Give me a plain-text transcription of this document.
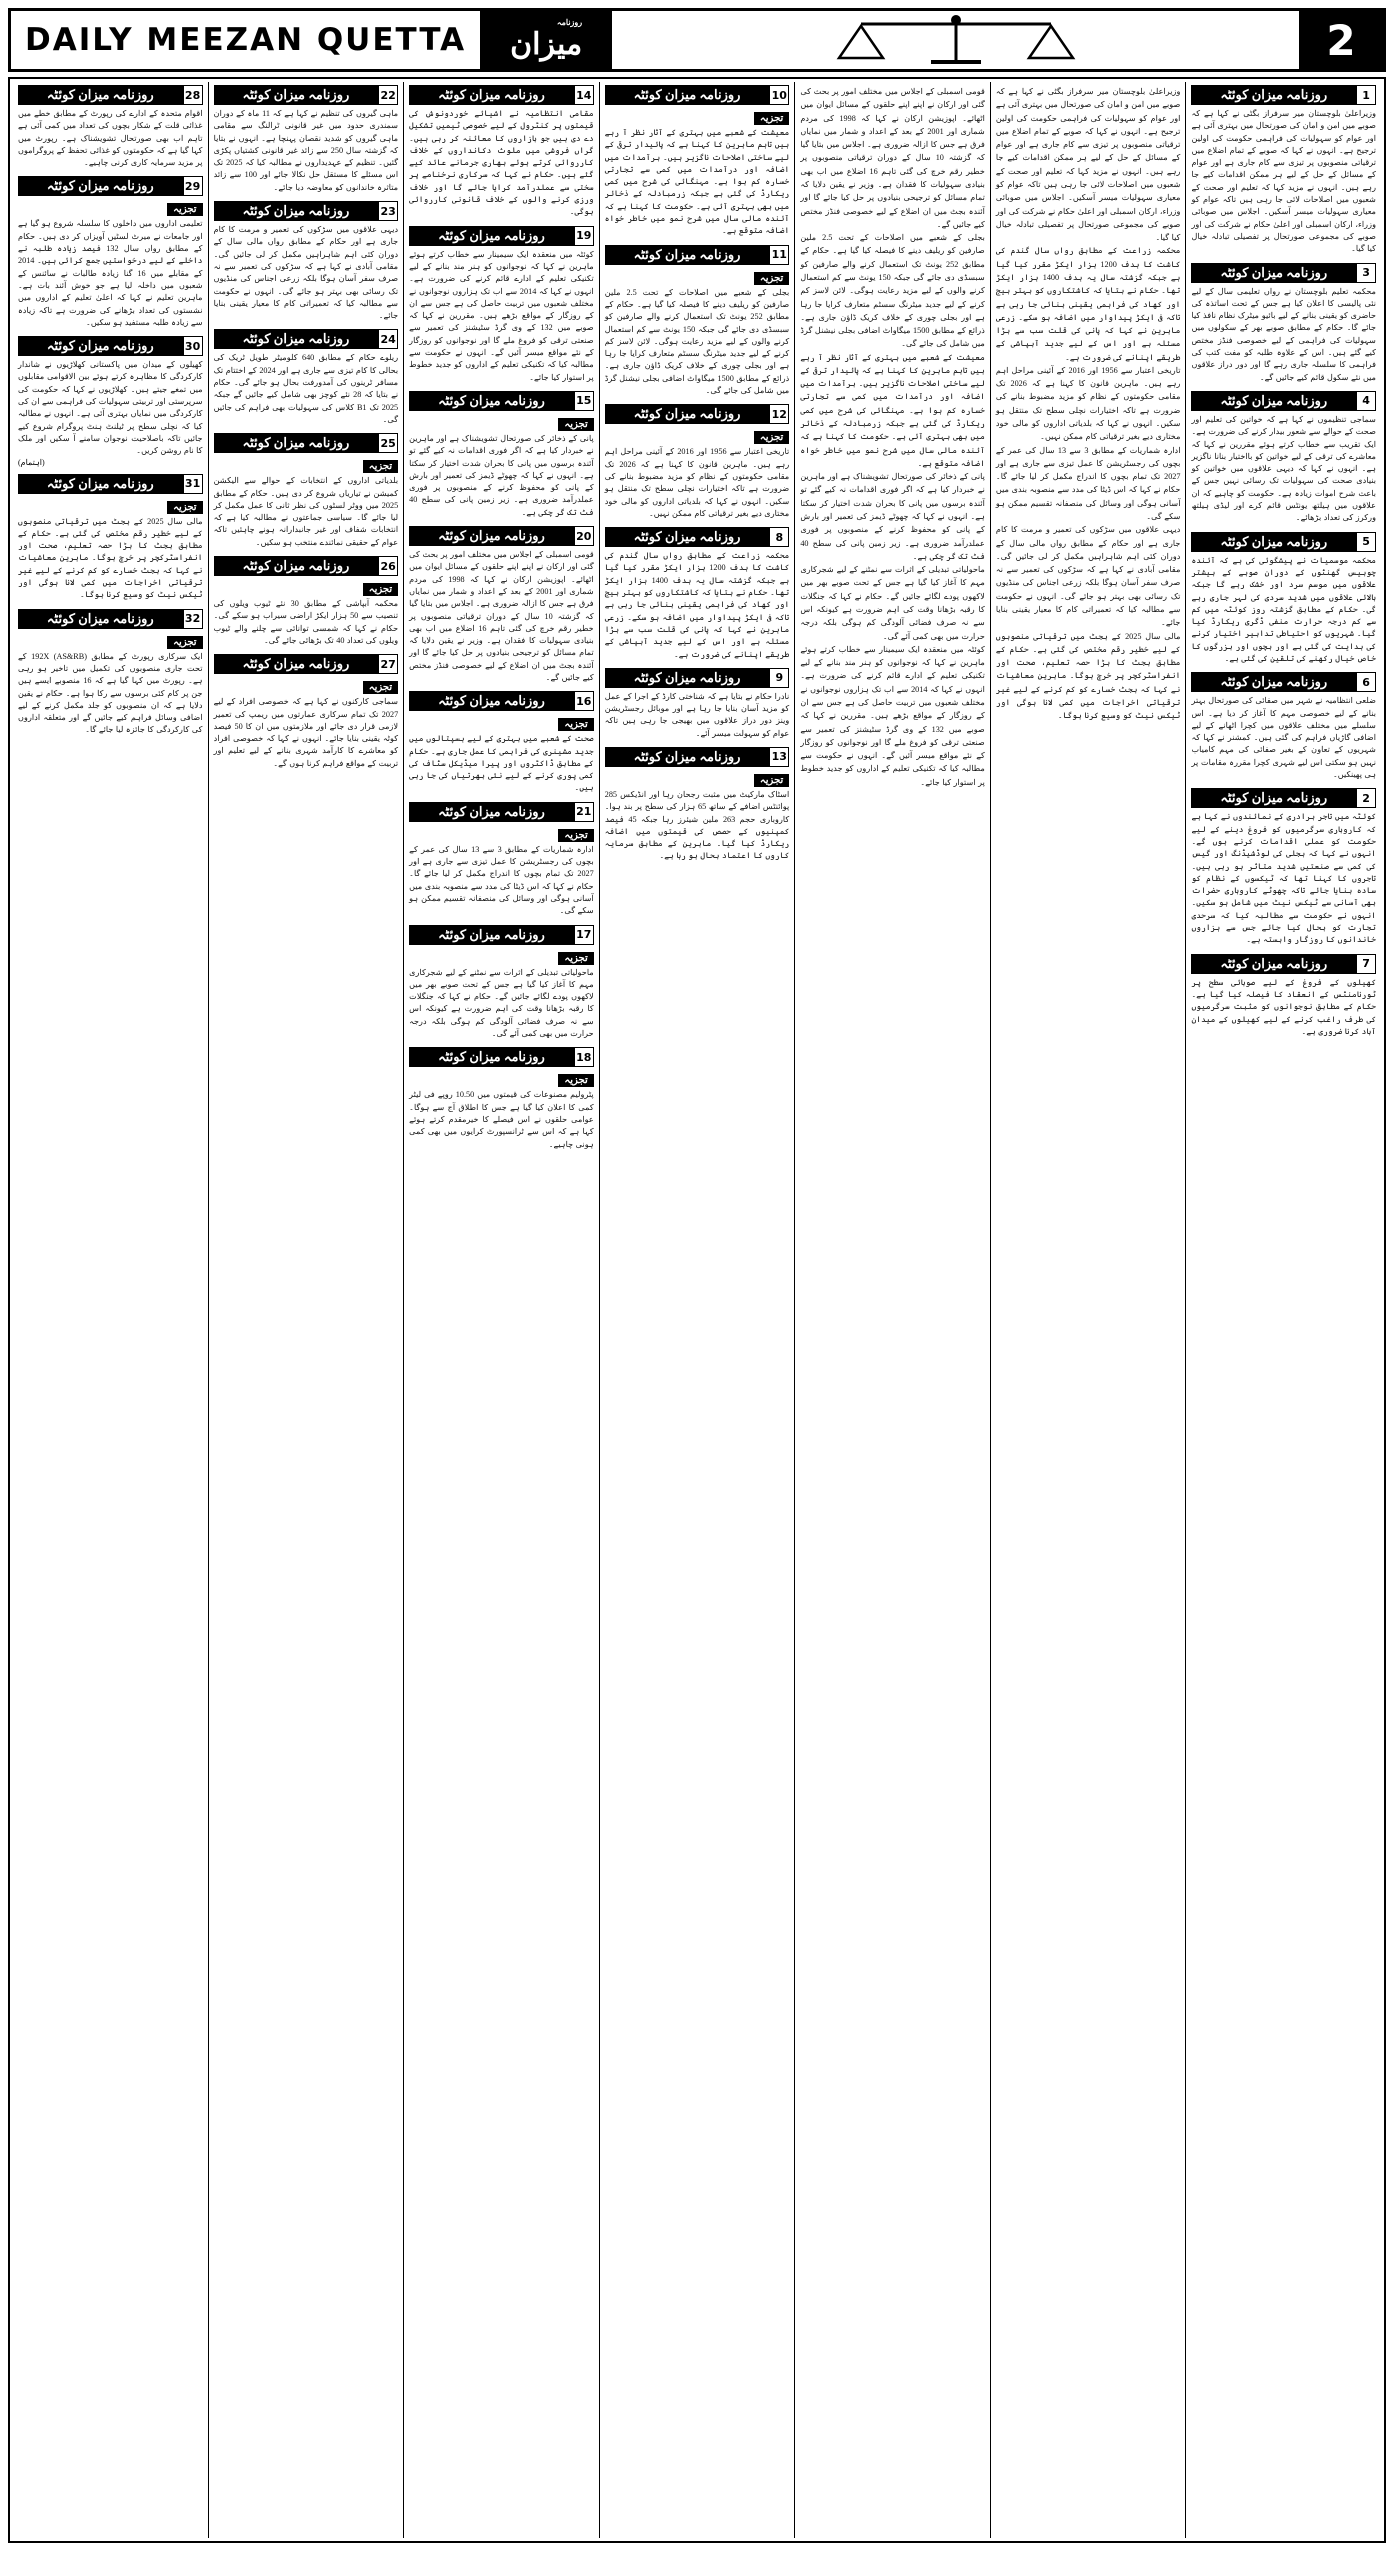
DAILY MEEZAN QUETTA	روزنامہ
میزان	2
28
روزنامہ میزان کوئٹہ
اقوام متحدہ کے ادارے کی رپورٹ کے مطابق خطے میں غذائی قلت کے شکار بچوں کی تعداد میں کمی آئی ہے تاہم اب بھی صورتحال تشویشناک ہے۔ رپورٹ میں کہا گیا ہے کہ حکومتوں کو غذائی تحفظ کے پروگراموں پر مزید سرمایہ کاری کرنی چاہیے۔
29
روزنامہ میزان کوئٹہ
تجزیہ
تعلیمی اداروں میں داخلوں کا سلسلہ شروع ہو گیا ہے اور جامعات نے میرٹ لسٹیں آویزاں کر دی ہیں۔ حکام کے مطابق رواں سال 132 فیصد زیادہ طلبہ نے داخلے کے لیے درخواستیں جمع کرائی ہیں۔ 2014 کے مقابلے میں 16 گنا زیادہ طالبات نے سائنس کے شعبوں میں داخلہ لیا ہے جو خوش آئند بات ہے۔ ماہرین تعلیم نے کہا کہ اعلیٰ تعلیم کے اداروں میں نشستوں کی تعداد بڑھانے کی ضرورت ہے تاکہ زیادہ سے زیادہ طلبہ مستفید ہو سکیں۔
30
روزنامہ میزان کوئٹہ
کھیلوں کے میدان میں پاکستانی کھلاڑیوں نے شاندار کارکردگی کا مظاہرہ کرتے ہوئے بین الاقوامی مقابلوں میں تمغے جیتے ہیں۔ کھلاڑیوں نے کہا کہ حکومت کی سرپرستی اور تربیتی سہولیات کی فراہمی سے ان کی کارکردگی میں نمایاں بہتری آئی ہے۔ انہوں نے مطالبہ کیا کہ نچلی سطح پر ٹیلنٹ ہنٹ پروگرام شروع کیے جائیں تاکہ باصلاحیت نوجوان سامنے آ سکیں اور ملک کا نام روشن کریں۔
(اہتمام)
31
روزنامہ میزان کوئٹہ
تجزیہ
مالی سال 2025 کے بجٹ میں ترقیاتی منصوبوں کے لیے خطیر رقم مختص کی گئی ہے۔ حکام کے مطابق بجٹ کا بڑا حصہ تعلیم، صحت اور انفراسٹرکچر پر خرچ ہوگا۔ ماہرین معاشیات نے کہا کہ بجٹ خسارے کو کم کرنے کے لیے غیر ترقیاتی اخراجات میں کمی لانا ہوگی اور ٹیکس نیٹ کو وسیع کرنا ہوگا۔
32
روزنامہ میزان کوئٹہ
تجزیہ
ایک سرکاری رپورٹ کے مطابق 192X (AS&RB) کے تحت جاری منصوبوں کی تکمیل میں تاخیر ہو رہی ہے۔ رپورٹ میں کہا گیا ہے کہ 16 منصوبے ایسے ہیں جن پر کام کئی برسوں سے رکا ہوا ہے۔ حکام نے یقین دلایا ہے کہ ان منصوبوں کو جلد مکمل کرنے کے لیے اضافی وسائل فراہم کیے جائیں گے اور متعلقہ اداروں کی کارکردگی کا جائزہ لیا جائے گا۔
22
روزنامہ میزان کوئٹہ
ماہی گیروں کی تنظیم نے کہا ہے کہ 11 ماہ کے دوران سمندری حدود میں غیر قانونی ٹرالنگ سے مقامی ماہی گیروں کو شدید نقصان پہنچا ہے۔ انہوں نے بتایا کہ گزشتہ سال 250 سے زائد غیر قانونی کشتیاں پکڑی گئیں۔ تنظیم کے عہدیداروں نے مطالبہ کیا کہ 2025 تک اس مسئلے کا مستقل حل نکالا جائے اور 100 سے زائد متاثرہ خاندانوں کو معاوضہ دیا جائے۔
23
روزنامہ میزان کوئٹہ
دیہی علاقوں میں سڑکوں کی تعمیر و مرمت کا کام جاری ہے اور حکام کے مطابق رواں مالی سال کے دوران کئی اہم شاہراہیں مکمل کر لی جائیں گی۔ مقامی آبادی نے کہا ہے کہ سڑکوں کی تعمیر سے نہ صرف سفر آسان ہوگا بلکہ زرعی اجناس کی منڈیوں تک رسائی بھی بہتر ہو جائے گی۔ انہوں نے حکومت سے مطالبہ کیا کہ تعمیراتی کام کا معیار یقینی بنایا جائے۔
24
روزنامہ میزان کوئٹہ
ریلوے حکام کے مطابق 640 کلومیٹر طویل ٹریک کی بحالی کا کام تیزی سے جاری ہے اور 2024 کے اختتام تک مسافر ٹرینوں کی آمدورفت بحال ہو جائے گی۔ حکام نے بتایا کہ 28 نئے کوچز بھی شامل کیے جائیں گے جبکہ 2025 تک B1 کلاس کی سہولیات بھی فراہم کی جائیں گی۔
25
روزنامہ میزان کوئٹہ
تجزیہ
بلدیاتی اداروں کے انتخابات کے حوالے سے الیکشن کمیشن نے تیاریاں شروع کر دی ہیں۔ حکام کے مطابق 2025 میں ووٹر لسٹوں کی نظر ثانی کا عمل مکمل کر لیا جائے گا۔ سیاسی جماعتوں نے مطالبہ کیا ہے کہ انتخابات شفاف اور غیر جانبدارانہ ہونے چاہئیں تاکہ عوام کے حقیقی نمائندے منتخب ہو سکیں۔
26
روزنامہ میزان کوئٹہ
تجزیہ
محکمہ آبپاشی کے مطابق 30 نئے ٹیوب ویلوں کی تنصیب سے 50 ہزار ایکڑ اراضی سیراب ہو سکے گی۔ حکام نے کہا کہ شمسی توانائی سے چلنے والے ٹیوب ویلوں کی تعداد 40 تک بڑھائی جائے گی۔
27
روزنامہ میزان کوئٹہ
تجزیہ
سماجی کارکنوں نے کہا ہے کہ خصوصی افراد کے لیے 2027 تک تمام سرکاری عمارتوں میں ریمپ کی تعمیر لازمی قرار دی جائے اور ملازمتوں میں ان کا 50 فیصد کوٹہ یقینی بنایا جائے۔ انہوں نے کہا کہ خصوصی افراد کو معاشرے کا کارآمد شہری بنانے کے لیے تعلیم اور تربیت کے مواقع فراہم کرنا ہوں گے۔
14
روزنامہ میزان کوئٹہ
مقامی انتظامیہ نے اشیائے خوردونوش کی قیمتوں پر کنٹرول کے لیے خصوصی ٹیمیں تشکیل دے دی ہیں جو بازاروں کا معائنہ کر رہی ہیں۔ گراں فروشی میں ملوث دکانداروں کے خلاف کارروائی کرتے ہوئے بھاری جرمانے عائد کیے گئے ہیں۔ حکام نے کہا کہ سرکاری نرخنامے پر سختی سے عملدرآمد کرایا جائے گا اور خلاف ورزی کرنے والوں کے خلاف قانونی کارروائی ہوگی۔
19
روزنامہ میزان کوئٹہ
کوئٹہ میں منعقدہ ایک سیمینار سے خطاب کرتے ہوئے ماہرین نے کہا کہ نوجوانوں کو ہنر مند بنانے کے لیے تکنیکی تعلیم کے ادارے قائم کرنے کی ضرورت ہے۔ انہوں نے کہا کہ 2014 سے اب تک ہزاروں نوجوانوں نے مختلف شعبوں میں تربیت حاصل کی ہے جس سے ان کے روزگار کے مواقع بڑھے ہیں۔ مقررین نے کہا کہ صوبے میں 132 کے وی گرڈ سٹیشنز کی تعمیر سے صنعتی ترقی کو فروغ ملے گا اور نوجوانوں کو روزگار کے نئے مواقع میسر آئیں گے۔ انہوں نے حکومت سے مطالبہ کیا کہ تکنیکی تعلیم کے اداروں کو جدید خطوط پر استوار کیا جائے۔
15
روزنامہ میزان کوئٹہ
تجزیہ
پانی کے ذخائر کی صورتحال تشویشناک ہے اور ماہرین نے خبردار کیا ہے کہ اگر فوری اقدامات نہ کیے گئے تو آئندہ برسوں میں پانی کا بحران شدت اختیار کر سکتا ہے۔ انہوں نے کہا کہ چھوٹے ڈیمز کی تعمیر اور بارش کے پانی کو محفوظ کرنے کے منصوبوں پر فوری عملدرآمد ضروری ہے۔ زیر زمین پانی کی سطح 40 فٹ تک گر چکی ہے۔
20
روزنامہ میزان کوئٹہ
قومی اسمبلی کے اجلاس میں مختلف امور پر بحث کی گئی اور ارکان نے اپنے اپنے حلقوں کے مسائل ایوان میں اٹھائے۔ اپوزیشن ارکان نے کہا کہ 1998 کی مردم شماری اور 2001 کے بعد کے اعداد و شمار میں نمایاں فرق ہے جس کا ازالہ ضروری ہے۔ اجلاس میں بتایا گیا کہ گزشتہ 10 سال کے دوران ترقیاتی منصوبوں پر خطیر رقم خرچ کی گئی تاہم 16 اضلاع میں اب بھی بنیادی سہولیات کا فقدان ہے۔ وزیر نے یقین دلایا کہ تمام مسائل کو ترجیحی بنیادوں پر حل کیا جائے گا اور آئندہ بجٹ میں ان اضلاع کے لیے خصوصی فنڈز مختص کیے جائیں گے۔
16
روزنامہ میزان کوئٹہ
تجزیہ
صحت کے شعبے میں بہتری کے لیے ہسپتالوں میں جدید مشینری کی فراہمی کا عمل جاری ہے۔ حکام کے مطابق ڈاکٹروں اور پیرا میڈیکل سٹاف کی کمی پوری کرنے کے لیے نئی بھرتیاں کی جا رہی ہیں۔
21
روزنامہ میزان کوئٹہ
تجزیہ
ادارہ شماریات کے مطابق 3 سے 13 سال کی عمر کے بچوں کی رجسٹریشن کا عمل تیزی سے جاری ہے اور 2027 تک تمام بچوں کا اندراج مکمل کر لیا جائے گا۔ حکام نے کہا کہ اس ڈیٹا کی مدد سے منصوبہ بندی میں آسانی ہوگی اور وسائل کی منصفانہ تقسیم ممکن ہو سکے گی۔
17
روزنامہ میزان کوئٹہ
تجزیہ
ماحولیاتی تبدیلی کے اثرات سے نمٹنے کے لیے شجرکاری مہم کا آغاز کیا گیا ہے جس کے تحت صوبے بھر میں لاکھوں پودے لگائے جائیں گے۔ حکام نے کہا کہ جنگلات کا رقبہ بڑھانا وقت کی اہم ضرورت ہے کیونکہ اس سے نہ صرف فضائی آلودگی کم ہوگی بلکہ درجہ حرارت میں بھی کمی آئے گی۔
18
روزنامہ میزان کوئٹہ
تجزیہ
پٹرولیم مصنوعات کی قیمتوں میں 10.50 روپے فی لیٹر کمی کا اعلان کیا گیا ہے جس کا اطلاق آج سے ہوگا۔ عوامی حلقوں نے اس فیصلے کا خیرمقدم کرتے ہوئے کہا ہے کہ اس سے ٹرانسپورٹ کرایوں میں بھی کمی ہونی چاہیے۔
10
روزنامہ میزان کوئٹہ
تجزیہ
معیشت کے شعبے میں بہتری کے آثار نظر آ رہے ہیں تاہم ماہرین کا کہنا ہے کہ پائیدار ترقی کے لیے ساختی اصلاحات ناگزیر ہیں۔ برآمدات میں اضافہ اور درآمدات میں کمی سے تجارتی خسارہ کم ہوا ہے۔ مہنگائی کی شرح میں کمی ریکارڈ کی گئی ہے جبکہ زرمبادلہ کے ذخائر میں بھی بہتری آئی ہے۔ حکومت کا کہنا ہے کہ آئندہ مالی سال میں شرح نمو میں خاطر خواہ اضافہ متوقع ہے۔
11
روزنامہ میزان کوئٹہ
تجزیہ
بجلی کے شعبے میں اصلاحات کے تحت 2.5 ملین صارفین کو ریلیف دینے کا فیصلہ کیا گیا ہے۔ حکام کے مطابق 252 یونٹ تک استعمال کرنے والے صارفین کو سبسڈی دی جائے گی جبکہ 150 یونٹ سے کم استعمال کرنے والوں کے لیے مزید رعایت ہوگی۔ لائن لاسز کم کرنے کے لیے جدید میٹرنگ سسٹم متعارف کرایا جا رہا ہے اور بجلی چوری کے خلاف کریک ڈاؤن جاری ہے۔ ذرائع کے مطابق 1500 میگاواٹ اضافی بجلی نیشنل گرڈ میں شامل کی جائے گی۔
12
روزنامہ میزان کوئٹہ
تجزیہ
تاریخی اعتبار سے 1956 اور 2016 کے آئینی مراحل اہم رہے ہیں۔ ماہرین قانون کا کہنا ہے کہ 2026 تک مقامی حکومتوں کے نظام کو مزید مضبوط بنانے کی ضرورت ہے تاکہ اختیارات نچلی سطح تک منتقل ہو سکیں۔ انہوں نے کہا کہ بلدیاتی اداروں کو مالی خود مختاری دیے بغیر ترقیاتی کام ممکن نہیں۔
8
روزنامہ میزان کوئٹہ
محکمہ زراعت کے مطابق رواں سال گندم کی کاشت کا ہدف 1200 ہزار ایکڑ مقرر کیا گیا ہے جبکہ گزشتہ سال یہ ہدف 1400 ہزار ایکڑ تھا۔ حکام نے بتایا کہ کاشتکاروں کو بہتر بیج اور کھاد کی فراہمی یقینی بنائی جا رہی ہے تاکہ فی ایکڑ پیداوار میں اضافہ ہو سکے۔ زرعی ماہرین نے کہا کہ پانی کی قلت سب سے بڑا مسئلہ ہے اور اس کے لیے جدید آبپاشی کے طریقے اپنانے کی ضرورت ہے۔
9
روزنامہ میزان کوئٹہ
نادرا حکام نے بتایا ہے کہ شناختی کارڈ کے اجرا کے عمل کو مزید آسان بنایا جا رہا ہے اور موبائل رجسٹریشن وینز دور دراز علاقوں میں بھیجی جا رہی ہیں تاکہ عوام کو سہولت میسر آئے۔
13
روزنامہ میزان کوئٹہ
تجزیہ
اسٹاک مارکیٹ میں مثبت رجحان رہا اور انڈیکس 285 پوائنٹس اضافے کے ساتھ 65 ہزار کی سطح پر بند ہوا۔ کاروباری حجم 263 ملین شیئرز رہا جبکہ 45 فیصد کمپنیوں کے حصص کی قیمتوں میں اضافہ ریکارڈ کیا گیا۔ ماہرین کے مطابق سرمایہ کاروں کا اعتماد بحال ہو رہا ہے۔
قومی اسمبلی کے اجلاس میں مختلف امور پر بحث کی گئی اور ارکان نے اپنے اپنے حلقوں کے مسائل ایوان میں اٹھائے۔ اپوزیشن ارکان نے کہا کہ 1998 کی مردم شماری اور 2001 کے بعد کے اعداد و شمار میں نمایاں فرق ہے جس کا ازالہ ضروری ہے۔ اجلاس میں بتایا گیا کہ گزشتہ 10 سال کے دوران ترقیاتی منصوبوں پر خطیر رقم خرچ کی گئی تاہم 16 اضلاع میں اب بھی بنیادی سہولیات کا فقدان ہے۔ وزیر نے یقین دلایا کہ تمام مسائل کو ترجیحی بنیادوں پر حل کیا جائے گا اور آئندہ بجٹ میں ان اضلاع کے لیے خصوصی فنڈز مختص کیے جائیں گے۔
بجلی کے شعبے میں اصلاحات کے تحت 2.5 ملین صارفین کو ریلیف دینے کا فیصلہ کیا گیا ہے۔ حکام کے مطابق 252 یونٹ تک استعمال کرنے والے صارفین کو سبسڈی دی جائے گی جبکہ 150 یونٹ سے کم استعمال کرنے والوں کے لیے مزید رعایت ہوگی۔ لائن لاسز کم کرنے کے لیے جدید میٹرنگ سسٹم متعارف کرایا جا رہا ہے اور بجلی چوری کے خلاف کریک ڈاؤن جاری ہے۔ ذرائع کے مطابق 1500 میگاواٹ اضافی بجلی نیشنل گرڈ میں شامل کی جائے گی۔
معیشت کے شعبے میں بہتری کے آثار نظر آ رہے ہیں تاہم ماہرین کا کہنا ہے کہ پائیدار ترقی کے لیے ساختی اصلاحات ناگزیر ہیں۔ برآمدات میں اضافہ اور درآمدات میں کمی سے تجارتی خسارہ کم ہوا ہے۔ مہنگائی کی شرح میں کمی ریکارڈ کی گئی ہے جبکہ زرمبادلہ کے ذخائر میں بھی بہتری آئی ہے۔ حکومت کا کہنا ہے کہ آئندہ مالی سال میں شرح نمو میں خاطر خواہ اضافہ متوقع ہے۔
پانی کے ذخائر کی صورتحال تشویشناک ہے اور ماہرین نے خبردار کیا ہے کہ اگر فوری اقدامات نہ کیے گئے تو آئندہ برسوں میں پانی کا بحران شدت اختیار کر سکتا ہے۔ انہوں نے کہا کہ چھوٹے ڈیمز کی تعمیر اور بارش کے پانی کو محفوظ کرنے کے منصوبوں پر فوری عملدرآمد ضروری ہے۔ زیر زمین پانی کی سطح 40 فٹ تک گر چکی ہے۔
ماحولیاتی تبدیلی کے اثرات سے نمٹنے کے لیے شجرکاری مہم کا آغاز کیا گیا ہے جس کے تحت صوبے بھر میں لاکھوں پودے لگائے جائیں گے۔ حکام نے کہا کہ جنگلات کا رقبہ بڑھانا وقت کی اہم ضرورت ہے کیونکہ اس سے نہ صرف فضائی آلودگی کم ہوگی بلکہ درجہ حرارت میں بھی کمی آئے گی۔
کوئٹہ میں منعقدہ ایک سیمینار سے خطاب کرتے ہوئے ماہرین نے کہا کہ نوجوانوں کو ہنر مند بنانے کے لیے تکنیکی تعلیم کے ادارے قائم کرنے کی ضرورت ہے۔ انہوں نے کہا کہ 2014 سے اب تک ہزاروں نوجوانوں نے مختلف شعبوں میں تربیت حاصل کی ہے جس سے ان کے روزگار کے مواقع بڑھے ہیں۔ مقررین نے کہا کہ صوبے میں 132 کے وی گرڈ سٹیشنز کی تعمیر سے صنعتی ترقی کو فروغ ملے گا اور نوجوانوں کو روزگار کے نئے مواقع میسر آئیں گے۔ انہوں نے حکومت سے مطالبہ کیا کہ تکنیکی تعلیم کے اداروں کو جدید خطوط پر استوار کیا جائے۔
وزیراعلیٰ بلوچستان میر سرفراز بگٹی نے کہا ہے کہ صوبے میں امن و امان کی صورتحال میں بہتری آئی ہے اور عوام کو سہولیات کی فراہمی حکومت کی اولین ترجیح ہے۔ انہوں نے کہا کہ صوبے کے تمام اضلاع میں ترقیاتی منصوبوں پر تیزی سے کام جاری ہے اور عوام کے مسائل کے حل کے لیے ہر ممکن اقدامات کیے جا رہے ہیں۔ انہوں نے مزید کہا کہ تعلیم اور صحت کے شعبوں میں اصلاحات لائی جا رہی ہیں تاکہ عوام کو معیاری سہولیات میسر آسکیں۔ اجلاس میں صوبائی وزراء، ارکان اسمبلی اور اعلیٰ حکام نے شرکت کی اور صوبے کی مجموعی صورتحال پر تفصیلی تبادلہ خیال کیا گیا۔
محکمہ زراعت کے مطابق رواں سال گندم کی کاشت کا ہدف 1200 ہزار ایکڑ مقرر کیا گیا ہے جبکہ گزشتہ سال یہ ہدف 1400 ہزار ایکڑ تھا۔ حکام نے بتایا کہ کاشتکاروں کو بہتر بیج اور کھاد کی فراہمی یقینی بنائی جا رہی ہے تاکہ فی ایکڑ پیداوار میں اضافہ ہو سکے۔ زرعی ماہرین نے کہا کہ پانی کی قلت سب سے بڑا مسئلہ ہے اور اس کے لیے جدید آبپاشی کے طریقے اپنانے کی ضرورت ہے۔
تاریخی اعتبار سے 1956 اور 2016 کے آئینی مراحل اہم رہے ہیں۔ ماہرین قانون کا کہنا ہے کہ 2026 تک مقامی حکومتوں کے نظام کو مزید مضبوط بنانے کی ضرورت ہے تاکہ اختیارات نچلی سطح تک منتقل ہو سکیں۔ انہوں نے کہا کہ بلدیاتی اداروں کو مالی خود مختاری دیے بغیر ترقیاتی کام ممکن نہیں۔
ادارہ شماریات کے مطابق 3 سے 13 سال کی عمر کے بچوں کی رجسٹریشن کا عمل تیزی سے جاری ہے اور 2027 تک تمام بچوں کا اندراج مکمل کر لیا جائے گا۔ حکام نے کہا کہ اس ڈیٹا کی مدد سے منصوبہ بندی میں آسانی ہوگی اور وسائل کی منصفانہ تقسیم ممکن ہو سکے گی۔
دیہی علاقوں میں سڑکوں کی تعمیر و مرمت کا کام جاری ہے اور حکام کے مطابق رواں مالی سال کے دوران کئی اہم شاہراہیں مکمل کر لی جائیں گی۔ مقامی آبادی نے کہا ہے کہ سڑکوں کی تعمیر سے نہ صرف سفر آسان ہوگا بلکہ زرعی اجناس کی منڈیوں تک رسائی بھی بہتر ہو جائے گی۔ انہوں نے حکومت سے مطالبہ کیا کہ تعمیراتی کام کا معیار یقینی بنایا جائے۔
مالی سال 2025 کے بجٹ میں ترقیاتی منصوبوں کے لیے خطیر رقم مختص کی گئی ہے۔ حکام کے مطابق بجٹ کا بڑا حصہ تعلیم، صحت اور انفراسٹرکچر پر خرچ ہوگا۔ ماہرین معاشیات نے کہا کہ بجٹ خسارے کو کم کرنے کے لیے غیر ترقیاتی اخراجات میں کمی لانا ہوگی اور ٹیکس نیٹ کو وسیع کرنا ہوگا۔
1
روزنامہ میزان کوئٹہ
وزیراعلیٰ بلوچستان میر سرفراز بگٹی نے کہا ہے کہ صوبے میں امن و امان کی صورتحال میں بہتری آئی ہے اور عوام کو سہولیات کی فراہمی حکومت کی اولین ترجیح ہے۔ انہوں نے کہا کہ صوبے کے تمام اضلاع میں ترقیاتی منصوبوں پر تیزی سے کام جاری ہے اور عوام کے مسائل کے حل کے لیے ہر ممکن اقدامات کیے جا رہے ہیں۔ انہوں نے مزید کہا کہ تعلیم اور صحت کے شعبوں میں اصلاحات لائی جا رہی ہیں تاکہ عوام کو معیاری سہولیات میسر آسکیں۔ اجلاس میں صوبائی وزراء، ارکان اسمبلی اور اعلیٰ حکام نے شرکت کی اور صوبے کی مجموعی صورتحال پر تفصیلی تبادلہ خیال کیا گیا۔
3
روزنامہ میزان کوئٹہ
محکمہ تعلیم بلوچستان نے رواں تعلیمی سال کے لیے نئی پالیسی کا اعلان کیا ہے جس کے تحت اساتذہ کی حاضری کو یقینی بنانے کے لیے بائیو میٹرک نظام نافذ کیا جائے گا۔ حکام کے مطابق صوبے بھر کے سکولوں میں سہولیات کی فراہمی کے لیے خصوصی فنڈز مختص کیے گئے ہیں۔ اس کے علاوہ طلبہ کو مفت کتب کی فراہمی کا سلسلہ جاری رہے گا اور دور دراز علاقوں میں نئے سکول قائم کیے جائیں گے۔
4
روزنامہ میزان کوئٹہ
سماجی تنظیموں نے کہا ہے کہ خواتین کی تعلیم اور صحت کے حوالے سے شعور بیدار کرنے کی ضرورت ہے۔ ایک تقریب سے خطاب کرتے ہوئے مقررین نے کہا کہ معاشرے کی ترقی کے لیے خواتین کو بااختیار بنانا ناگزیر ہے۔ انہوں نے کہا کہ دیہی علاقوں میں خواتین کو بنیادی صحت کی سہولیات تک رسائی نہیں جس کے باعث شرح اموات زیادہ ہے۔ حکومت کو چاہیے کہ ان علاقوں میں ہیلتھ یونٹس قائم کرے اور لیڈی ہیلتھ ورکرز کی تعداد بڑھائے۔
5
روزنامہ میزان کوئٹہ
محکمہ موسمیات نے پیشگوئی کی ہے کہ آئندہ چوبیس گھنٹوں کے دوران صوبے کے بیشتر علاقوں میں موسم سرد اور خشک رہے گا جبکہ بالائی علاقوں میں شدید سردی کی لہر جاری رہے گی۔ حکام کے مطابق گزشتہ روز کوئٹہ میں کم سے کم درجہ حرارت منفی ڈگری ریکارڈ کیا گیا۔ شہریوں کو احتیاطی تدابیر اختیار کرنے کی ہدایت کی گئی ہے اور بچوں اور بزرگوں کا خاص خیال رکھنے کی تلقین کی گئی ہے۔
6
روزنامہ میزان کوئٹہ
ضلعی انتظامیہ نے شہر میں صفائی کی صورتحال بہتر بنانے کے لیے خصوصی مہم کا آغاز کر دیا ہے۔ اس سلسلے میں مختلف علاقوں میں کچرا اٹھانے کے لیے اضافی گاڑیاں فراہم کی گئی ہیں۔ کمشنر نے کہا کہ شہریوں کے تعاون کے بغیر صفائی کی مہم کامیاب نہیں ہو سکتی اس لیے شہری کچرا مقررہ مقامات پر ہی پھینکیں۔
2
روزنامہ میزان کوئٹہ
کوئٹہ میں تاجر برادری کے نمائندوں نے کہا ہے کہ کاروباری سرگرمیوں کو فروغ دینے کے لیے حکومت کو عملی اقدامات کرنے ہوں گے۔ انہوں نے کہا کہ بجلی کی لوڈشیڈنگ اور گیس کی کمی سے صنعتیں شدید متاثر ہو رہی ہیں۔ تاجروں کا کہنا تھا کہ ٹیکسوں کے نظام کو سادہ بنایا جائے تاکہ چھوٹے کاروباری حضرات بھی آسانی سے ٹیکس نیٹ میں شامل ہو سکیں۔ انہوں نے حکومت سے مطالبہ کیا کہ سرحدی تجارت کو بحال کیا جائے جس سے ہزاروں خاندانوں کا روزگار وابستہ ہے۔
7
روزنامہ میزان کوئٹہ
کھیلوں کے فروغ کے لیے صوبائی سطح پر ٹورنامنٹس کے انعقاد کا فیصلہ کیا گیا ہے۔ حکام کے مطابق نوجوانوں کو مثبت سرگرمیوں کی طرف راغب کرنے کے لیے کھیلوں کے میدان آباد کرنا ضروری ہے۔
